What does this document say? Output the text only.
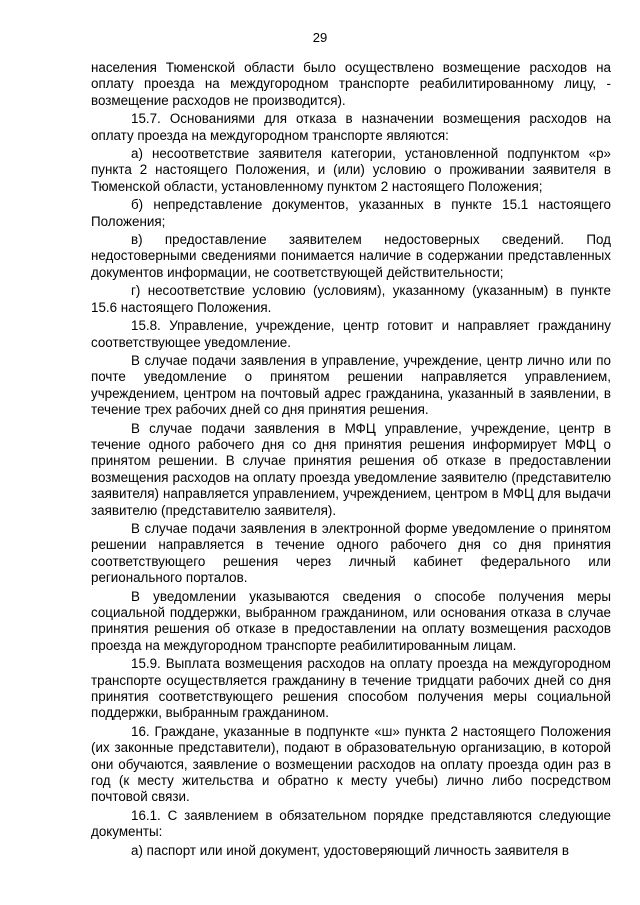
29

населения Тюменской области было осуществлено возмещение расходов на оплату проезда на междугородном транспорте реабилитированному лицу, - возмещение расходов не производится).

15.7. Основаниями для отказа в назначении возмещения расходов на оплату проезда на междугородном транспорте являются:

а) несоответствие заявителя категории, установленной подпунктом «р» пункта 2 настоящего Положения, и (или) условию о проживании заявителя в Тюменской области, установленному пунктом 2 настоящего Положения;

б) непредставление документов, указанных в пункте 15.1 настоящего Положения;

в) предоставление заявителем недостоверных сведений. Под недостоверными сведениями понимается наличие в содержании представленных документов информации, не соответствующей действительности;

г) несоответствие условию (условиям), указанному (указанным) в пункте 15.6 настоящего Положения.

15.8. Управление, учреждение, центр готовит и направляет гражданину соответствующее уведомление.

В случае подачи заявления в управление, учреждение, центр лично или по почте уведомление о принятом решении направляется управлением, учреждением, центром на почтовый адрес гражданина, указанный в заявлении, в течение трех рабочих дней со дня принятия решения.

В случае подачи заявления в МФЦ управление, учреждение, центр в течение одного рабочего дня со дня принятия решения информирует МФЦ о принятом решении. В случае принятия решения об отказе в предоставлении возмещения расходов на оплату проезда уведомление заявителю (представителю заявителя) направляется управлением, учреждением, центром в МФЦ для выдачи заявителю (представителю заявителя).

В случае подачи заявления в электронной форме уведомление о принятом решении направляется в течение одного рабочего дня со дня принятия соответствующего решения через личный кабинет федерального или регионального порталов.

В уведомлении указываются сведения о способе получения меры социальной поддержки, выбранном гражданином, или основания отказа в случае принятия решения об отказе в предоставлении на оплату возмещения расходов проезда на междугородном транспорте реабилитированным лицам.

15.9. Выплата возмещения расходов на оплату проезда на междугородном транспорте осуществляется гражданину в течение тридцати рабочих дней со дня принятия соответствующего решения способом получения меры социальной поддержки, выбранным гражданином.

16. Граждане, указанные в подпункте «ш» пункта 2 настоящего Положения (их законные представители), подают в образовательную организацию, в которой они обучаются, заявление о возмещении расходов на оплату проезда один раз в год (к месту жительства и обратно к месту учебы) лично либо посредством почтовой связи.

16.1. С заявлением в обязательном порядке представляются следующие документы:

а) паспорт или иной документ, удостоверяющий личность заявителя в
